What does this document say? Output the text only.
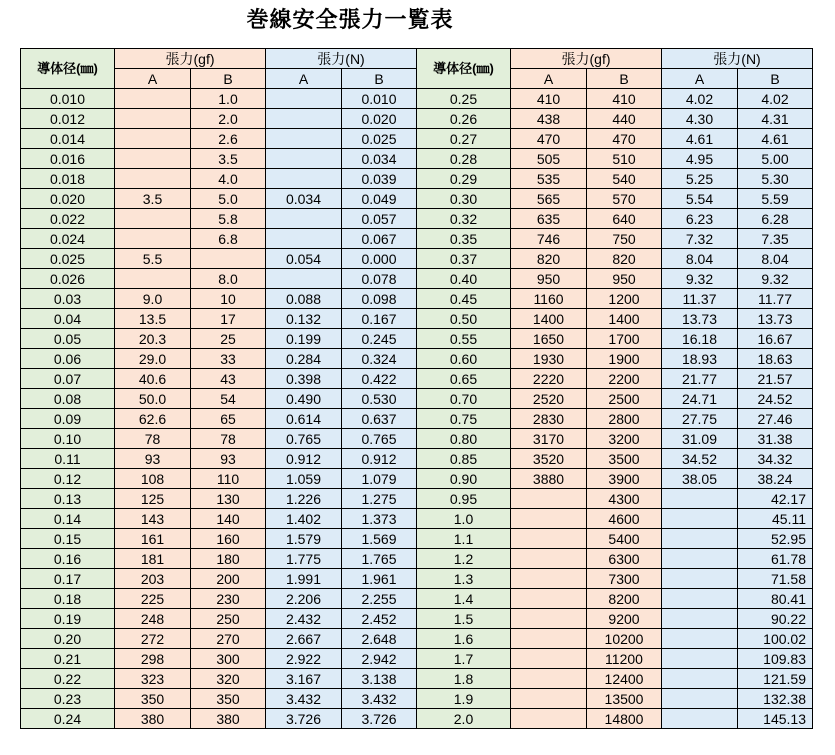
巻線安全張力一覧表
導体径(㎜)	張力(gf)		張力(N)		導体径(㎜)	張力(gf)		張力(N)	
	A	B	A	B		A	B	A	B
0.010		1.0		0.010	0.25	410	410	4.02	4.02
0.012		2.0		0.020	0.26	438	440	4.30	4.31
0.014		2.6		0.025	0.27	470	470	4.61	4.61
0.016		3.5		0.034	0.28	505	510	4.95	5.00
0.018		4.0		0.039	0.29	535	540	5.25	5.30
0.020	3.5	5.0	0.034	0.049	0.30	565	570	5.54	5.59
0.022		5.8		0.057	0.32	635	640	6.23	6.28
0.024		6.8		0.067	0.35	746	750	7.32	7.35
0.025	5.5		0.054	0.000	0.37	820	820	8.04	8.04
0.026		8.0		0.078	0.40	950	950	9.32	9.32
0.03	9.0	10	0.088	0.098	0.45	1160	1200	11.37	11.77
0.04	13.5	17	0.132	0.167	0.50	1400	1400	13.73	13.73
0.05	20.3	25	0.199	0.245	0.55	1650	1700	16.18	16.67
0.06	29.0	33	0.284	0.324	0.60	1930	1900	18.93	18.63
0.07	40.6	43	0.398	0.422	0.65	2220	2200	21.77	21.57
0.08	50.0	54	0.490	0.530	0.70	2520	2500	24.71	24.52
0.09	62.6	65	0.614	0.637	0.75	2830	2800	27.75	27.46
0.10	78	78	0.765	0.765	0.80	3170	3200	31.09	31.38
0.11	93	93	0.912	0.912	0.85	3520	3500	34.52	34.32
0.12	108	110	1.059	1.079	0.90	3880	3900	38.05	38.24
0.13	125	130	1.226	1.275	0.95		4300		42.17
0.14	143	140	1.402	1.373	1.0		4600		45.11
0.15	161	160	1.579	1.569	1.1		5400		52.95
0.16	181	180	1.775	1.765	1.2		6300		61.78
0.17	203	200	1.991	1.961	1.3		7300		71.58
0.18	225	230	2.206	2.255	1.4		8200		80.41
0.19	248	250	2.432	2.452	1.5		9200		90.22
0.20	272	270	2.667	2.648	1.6		10200		100.02
0.21	298	300	2.922	2.942	1.7		11200		109.83
0.22	323	320	3.167	3.138	1.8		12400		121.59
0.23	350	350	3.432	3.432	1.9		13500		132.38
0.24	380	380	3.726	3.726	2.0		14800		145.13
